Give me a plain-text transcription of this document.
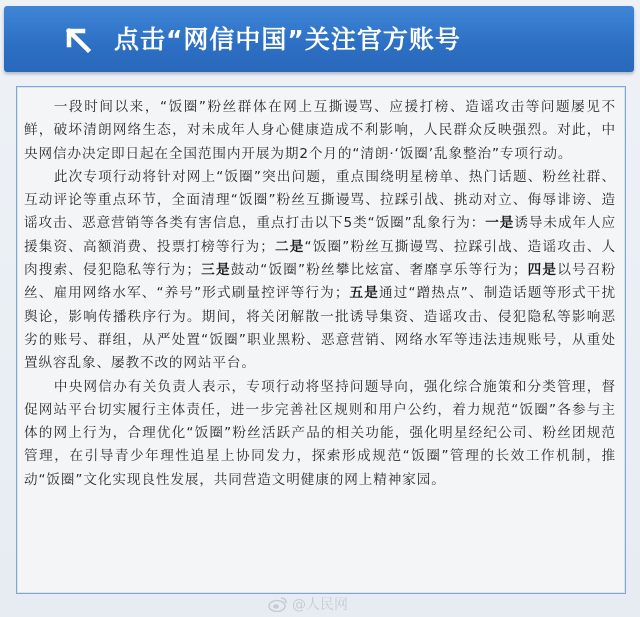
点击“网信中国”关注官方账号

一段时间以来，“饭圈”粉丝群体在网上互撕谩骂、应援打榜、造谣攻击等问题屡见不鲜，破坏清朗网络生态，对未成年人身心健康造成不利影响，人民群众反映强烈。对此，中央网信办决定即日起在全国范围内开展为期2个月的“清朗·‘饭圈’乱象整治”专项行动。

此次专项行动将针对网上“饭圈”突出问题，重点围绕明星榜单、热门话题、粉丝社群、互动评论等重点环节，全面清理“饭圈”粉丝互撕谩骂、拉踩引战、挑动对立、侮辱诽谤、造谣攻击、恶意营销等各类有害信息，重点打击以下5类“饭圈”乱象行为：一是诱导未成年人应援集资、高额消费、投票打榜等行为；二是“饭圈”粉丝互撕谩骂、拉踩引战、造谣攻击、人肉搜索、侵犯隐私等行为；三是鼓动“饭圈”粉丝攀比炫富、奢靡享乐等行为；四是以号召粉丝、雇用网络水军、“养号”形式刷量控评等行为；五是通过“蹭热点”、制造话题等形式干扰舆论，影响传播秩序行为。期间，将关闭解散一批诱导集资、造谣攻击、侵犯隐私等影响恶劣的账号、群组，从严处置“饭圈”职业黑粉、恶意营销、网络水军等违法违规账号，从重处置纵容乱象、屡教不改的网站平台。

中央网信办有关负责人表示，专项行动将坚持问题导向，强化综合施策和分类管理，督促网站平台切实履行主体责任，进一步完善社区规则和用户公约，着力规范“饭圈”各参与主体的网上行为，合理优化“饭圈”粉丝活跃产品的相关功能，强化明星经纪公司、粉丝团规范管理，在引导青少年理性追星上协同发力，探索形成规范“饭圈”管理的长效工作机制，推动“饭圈”文化实现良性发展，共同营造文明健康的网上精神家园。

@人民网
